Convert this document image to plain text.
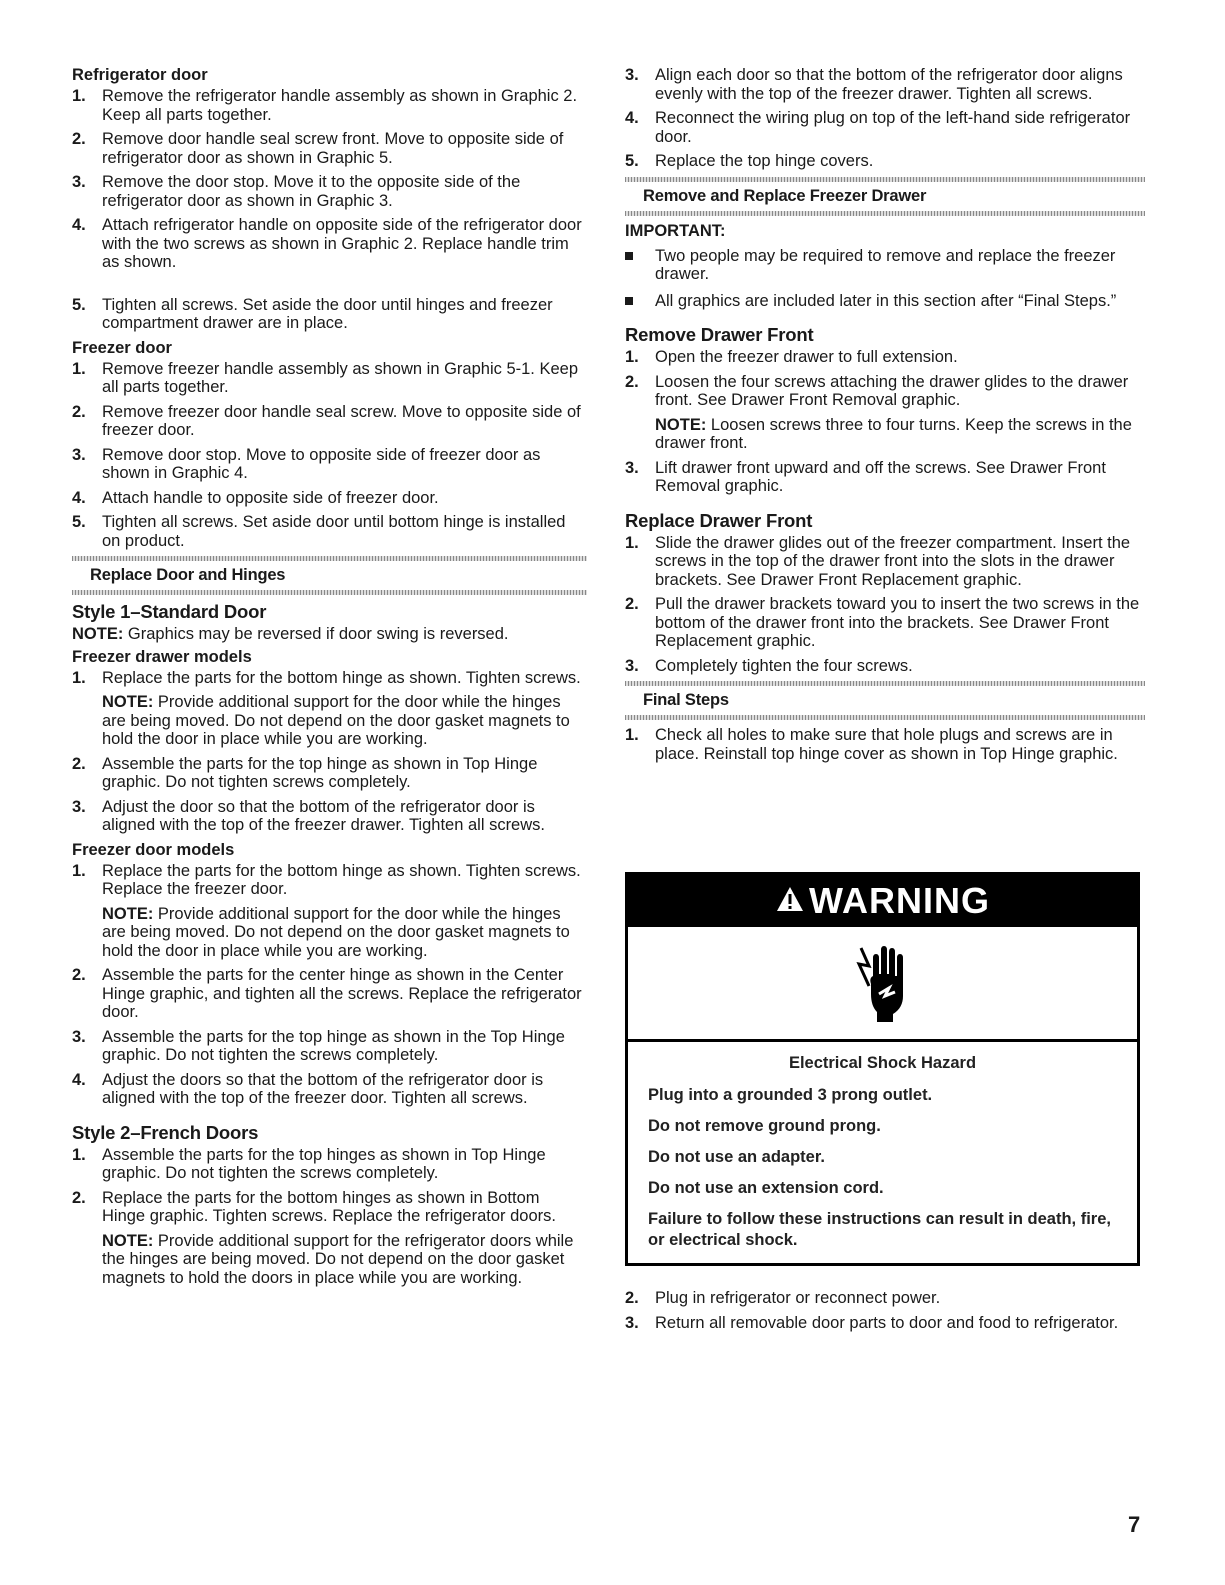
Refrigerator door
1. Remove the refrigerator handle assembly as shown in Graphic 2. Keep all parts together.
2. Remove door handle seal screw front. Move to opposite side of refrigerator door as shown in Graphic 5.
3. Remove the door stop. Move it to the opposite side of the refrigerator door as shown in Graphic 3.
4. Attach refrigerator handle on opposite side of the refrigerator door with the two screws as shown in Graphic 2. Replace handle trim as shown.
5. Tighten all screws. Set aside the door until hinges and freezer compartment drawer are in place.
Freezer door
1. Remove freezer handle assembly as shown in Graphic 5-1. Keep all parts together.
2. Remove freezer door handle seal screw. Move to opposite side of freezer door.
3. Remove door stop. Move to opposite side of freezer door as shown in Graphic 4.
4. Attach handle to opposite side of freezer door.
5. Tighten all screws. Set aside door until bottom hinge is installed on product.
Replace Door and Hinges
Style 1–Standard Door

NOTE: Graphics may be reversed if door swing is reversed.

Freezer drawer models
1. Replace the parts for the bottom hinge as shown. Tighten screws.
NOTE: Provide additional support for the door while the hinges are being moved. Do not depend on the door gasket magnets to hold the door in place while you are working.
2. Assemble the parts for the top hinge as shown in Top Hinge graphic. Do not tighten screws completely.
3. Adjust the door so that the bottom of the refrigerator door is aligned with the top of the freezer drawer. Tighten all screws.
Freezer door models
1. Replace the parts for the bottom hinge as shown. Tighten screws. Replace the freezer door.
NOTE: Provide additional support for the door while the hinges are being moved. Do not depend on the door gasket magnets to hold the door in place while you are working.
2. Assemble the parts for the center hinge as shown in the Center Hinge graphic, and tighten all the screws. Replace the refrigerator door.
3. Assemble the parts for the top hinge as shown in the Top Hinge graphic. Do not tighten the screws completely.
4. Adjust the doors so that the bottom of the refrigerator door is aligned with the top of the freezer door. Tighten all screws.
Style 2–French Doors
1. Assemble the parts for the top hinges as shown in Top Hinge graphic. Do not tighten the screws completely.
2. Replace the parts for the bottom hinges as shown in Bottom Hinge graphic. Tighten screws. Replace the refrigerator doors.
NOTE: Provide additional support for the refrigerator doors while the hinges are being moved. Do not depend on the door gasket magnets to hold the doors in place while you are working.
3. Align each door so that the bottom of the refrigerator door aligns evenly with the top of the freezer drawer. Tighten all screws.
4. Reconnect the wiring plug on top of the left-hand side refrigerator door.
5. Replace the top hinge covers.
Remove and Replace Freezer Drawer
IMPORTANT:
Two people may be required to remove and replace the freezer drawer.
All graphics are included later in this section after “Final Steps.”
Remove Drawer Front
1. Open the freezer drawer to full extension.
2. Loosen the four screws attaching the drawer glides to the drawer front. See Drawer Front Removal graphic.
NOTE: Loosen screws three to four turns. Keep the screws in the drawer front.
3. Lift drawer front upward and off the screws. See Drawer Front Removal graphic.
Replace Drawer Front
1. Slide the drawer glides out of the freezer compartment. Insert the screws in the top of the drawer front into the slots in the drawer brackets. See Drawer Front Replacement graphic.
2. Pull the drawer brackets toward you to insert the two screws in the bottom of the drawer front into the brackets. See Drawer Front Replacement graphic.
3. Completely tighten the four screws.
Final Steps
1. Check all holes to make sure that hole plugs and screws are in place. Reinstall top hinge cover as shown in Top Hinge graphic.
WARNING
Electrical Shock Hazard
Plug into a grounded 3 prong outlet.
Do not remove ground prong.
Do not use an adapter.
Do not use an extension cord.
Failure to follow these instructions can result in death, fire, or electrical shock.
2. Plug in refrigerator or reconnect power.
3. Return all removable door parts to door and food to refrigerator.
7
